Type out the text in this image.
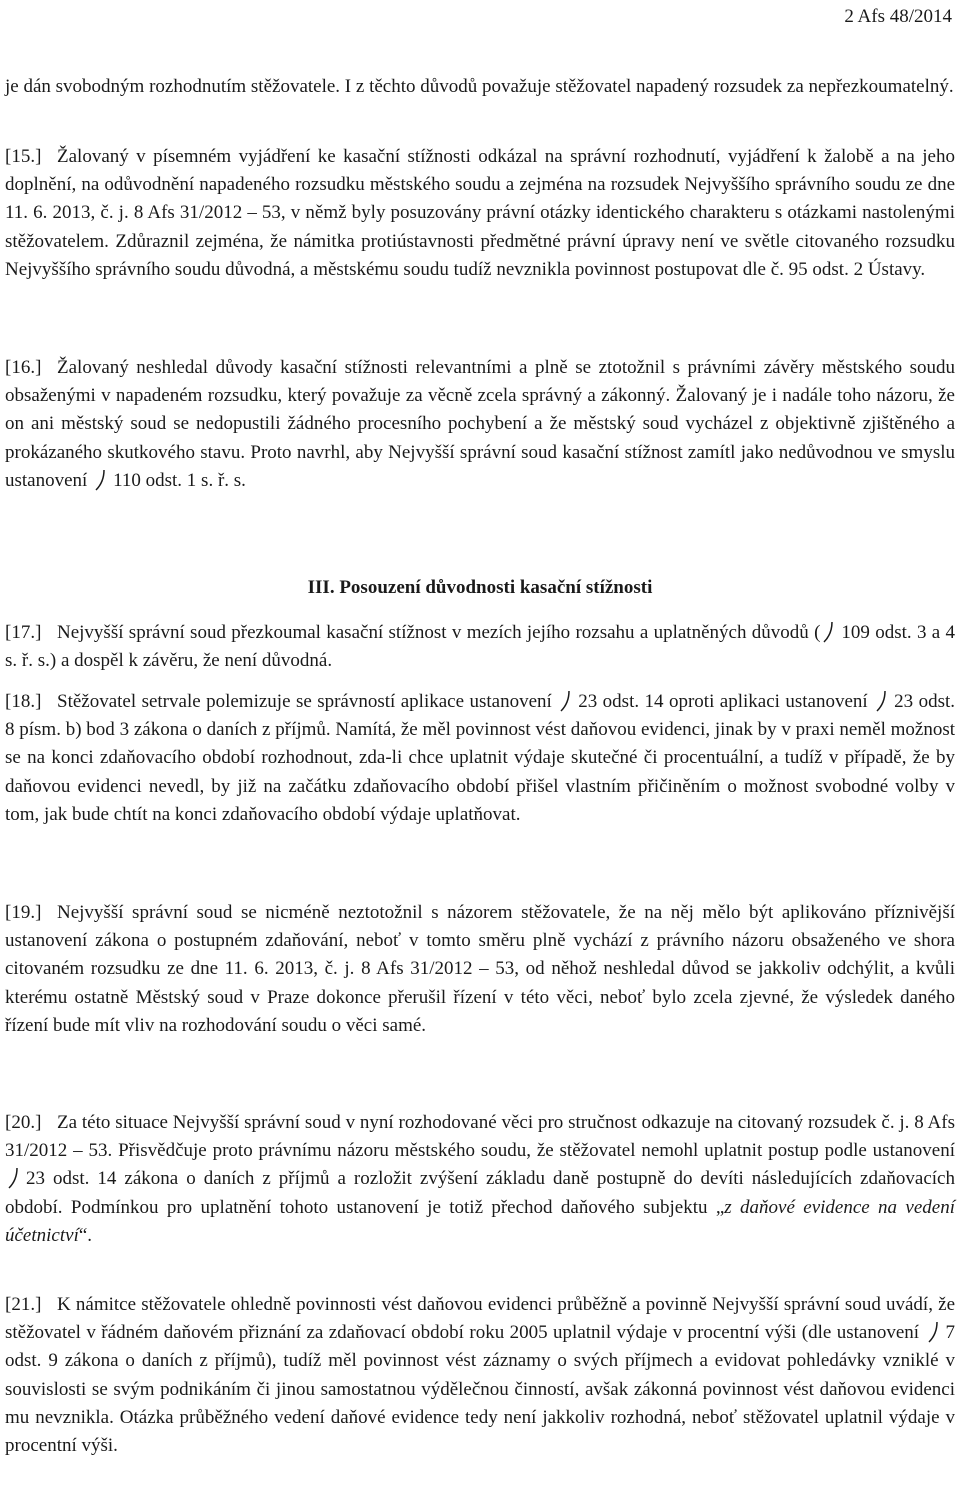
2 Afs 48/2014

je dán svobodným rozhodnutím stěžovatele. I z těchto důvodů považuje stěžovatel napadený rozsudek za nepřezkoumatelný.

[15.] Žalovaný v písemném vyjádření ke kasační stížnosti odkázal na správní rozhodnutí, vyjádření k žalobě a na jeho doplnění, na odůvodnění napadeného rozsudku městského soudu a zejména na rozsudek Nejvyššího správního soudu ze dne 11. 6. 2013, č. j. 8 Afs 31/2012 – 53, v němž byly posuzovány právní otázky identického charakteru s otázkami nastolenými stěžovatelem. Zdůraznil zejména, že námitka protiústavnosti předmětné právní úpravy není ve světle citovaného rozsudku Nejvyššího správního soudu důvodná, a městskému soudu tudíž nevznikla povinnost postupovat dle č. 95 odst. 2 Ústavy.

[16.] Žalovaný neshledal důvody kasační stížnosti relevantními a plně se ztotožnil s právními závěry městského soudu obsaženými v napadeném rozsudku, který považuje za věcně zcela správný a zákonný. Žalovaný je i nadále toho názoru, že on ani městský soud se nedopustili žádného procesního pochybení a že městský soud vycházel z objektivně zjištěného a prokázaného skutkového stavu. Proto navrhl, aby Nejvyšší správní soud kasační stížnost zamítl jako nedůvodnou ve smyslu ustanovení 110 odst. 1 s. ř. s.

III. Posouzení důvodnosti kasační stížnosti

[17.] Nejvyšší správní soud přezkoumal kasační stížnost v mezích jejího rozsahu a uplatněných důvodů ( 109 odst. 3 a 4 s. ř. s.) a dospěl k závěru, že není důvodná.

[18.] Stěžovatel setrvale polemizuje se správností aplikace ustanovení 23 odst. 14 oproti aplikaci ustanovení 23 odst. 8 písm. b) bod 3 zákona o daních z příjmů. Namítá, že měl povinnost vést daňovou evidenci, jinak by v praxi neměl možnost se na konci zdaňovacího období rozhodnout, zda-li chce uplatnit výdaje skutečné či procentuální, a tudíž v případě, že by daňovou evidenci nevedl, by již na začátku zdaňovacího období přišel vlastním přičiněním o možnost svobodné volby v tom, jak bude chtít na konci zdaňovacího období výdaje uplatňovat.

[19.] Nejvyšší správní soud se nicméně neztotožnil s názorem stěžovatele, že na něj mělo být aplikováno příznivější ustanovení zákona o postupném zdaňování, neboť v tomto směru plně vychází z právního názoru obsaženého ve shora citovaném rozsudku ze dne 11. 6. 2013, č. j. 8 Afs 31/2012 – 53, od něhož neshledal důvod se jakkoliv odchýlit, a kvůli kterému ostatně Městský soud v Praze dokonce přerušil řízení v této věci, neboť bylo zcela zjevné, že výsledek daného řízení bude mít vliv na rozhodování soudu o věci samé.

[20.] Za této situace Nejvyšší správní soud v nyní rozhodované věci pro stručnost odkazuje na citovaný rozsudek č. j. 8 Afs 31/2012 – 53. Přisvědčuje proto právnímu názoru městského soudu, že stěžovatel nemohl uplatnit postup podle ustanovení
23 odst. 14 zákona o daních z příjmů a rozložit zvýšení základu daně postupně do devíti následujících zdaňovacích období. Podmínkou pro uplatnění tohoto ustanovení je totiž přechod daňového subjektu „z daňové evidence na vedení účetnictví“.

[21.] K námitce stěžovatele ohledně povinnosti vést daňovou evidenci průběžně a povinně Nejvyšší správní soud uvádí, že stěžovatel v řádném daňovém přiznání za zdaňovací období roku 2005 uplatnil výdaje v procentní výši (dle ustanovení 7 odst. 9 zákona o daních z příjmů), tudíž měl povinnost vést záznamy o svých příjmech a evidovat pohledávky vzniklé v souvislosti se svým podnikáním či jinou samostatnou výdělečnou činností, avšak zákonná povinnost vést daňovou evidenci mu nevznikla. Otázka průběžného vedení daňové evidence tedy není jakkoliv rozhodná, neboť stěžovatel uplatnil výdaje v procentní výši.
